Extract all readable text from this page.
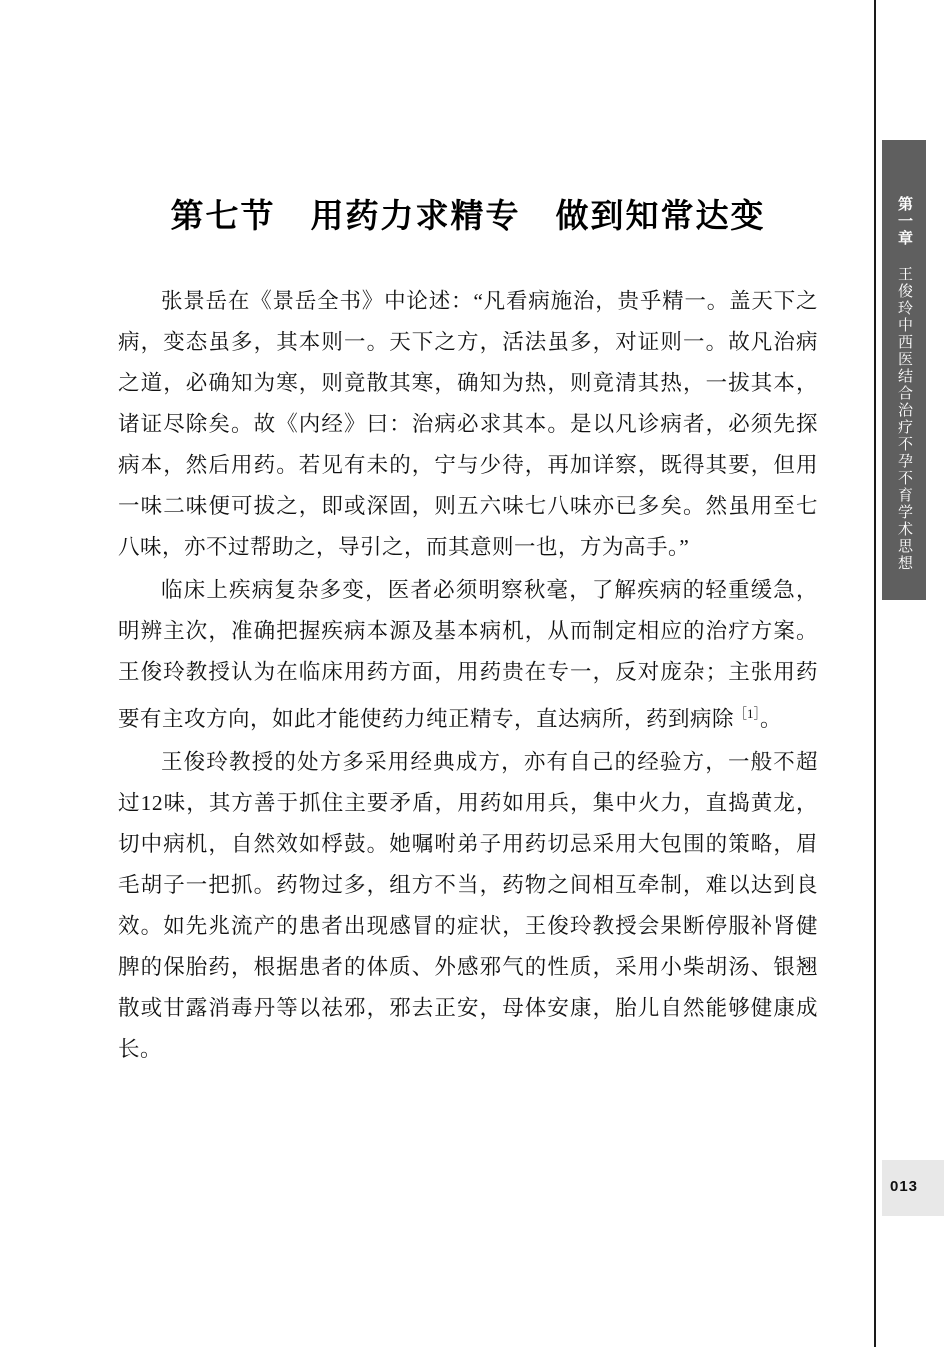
第一章 王俊玲中西医结合治疗不孕不育学术思想
013
第七节　用药力求精专　做到知常达变

张景岳在《景岳全书》中论述：“凡看病施治，贵乎精一。盖天下之病，变态虽多，其本则一。天下之方，活法虽多，对证则一。故凡治病之道，必确知为寒，则竟散其寒，确知为热，则竟清其热，一拔其本，诸证尽除矣。故《内经》曰：治病必求其本。是以凡诊病者，必须先探病本，然后用药。若见有未的，宁与少待，再加详察，既得其要，但用一味二味便可拔之，即或深固，则五六味七八味亦已多矣。然虽用至七八味，亦不过帮助之，导引之，而其意则一也，方为高手。”

临床上疾病复杂多变，医者必须明察秋毫，了解疾病的轻重缓急，明辨主次，准确把握疾病本源及基本病机，从而制定相应的治疗方案。王俊玲教授认为在临床用药方面，用药贵在专一，反对庞杂；主张用药要有主攻方向，如此才能使药力纯正精专，直达病所，药到病除$^{[1]}$。

王俊玲教授的处方多采用经典成方，亦有自己的经验方，一般不超过12味，其方善于抓住主要矛盾，用药如用兵，集中火力，直捣黄龙，切中病机，自然效如桴鼓。她嘱咐弟子用药切忌采用大包围的策略，眉毛胡子一把抓。药物过多，组方不当，药物之间相互牵制，难以达到良效。如先兆流产的患者出现感冒的症状，王俊玲教授会果断停服补肾健脾的保胎药，根据患者的体质、外感邪气的性质，采用小柴胡汤、银翘散或甘露消毒丹等以祛邪，邪去正安，母体安康，胎儿自然能够健康成长。
